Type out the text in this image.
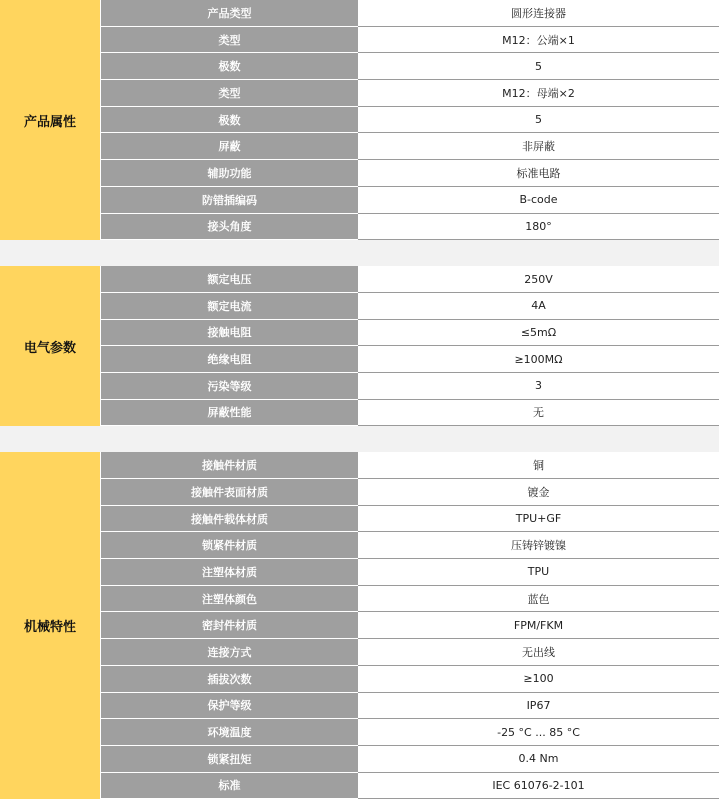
产品属性
产品类型	圆形连接器
类型	M12：公端×1
极数	5
类型	M12：母端×2
极数	5
屏蔽	非屏蔽
辅助功能	标准电路
防错插编码	B-code
接头角度	180°
电气参数
额定电压	250V
额定电流	4A
接触电阻	≤5mΩ
绝缘电阻	≥100MΩ
污染等级	3
屏蔽性能	无
机械特性
接触件材质	铜
接触件表面材质	镀金
接触件载体材质	TPU+GF
锁紧件材质	压铸锌镀镍
注塑体材质	TPU
注塑体颜色	蓝色
密封件材质	FPM/FKM
连接方式	无出线
插拔次数	≥100
保护等级	IP67
环境温度	-25 °C ... 85 °C
锁紧扭矩	0.4 Nm
标准	IEC 61076-2-101
